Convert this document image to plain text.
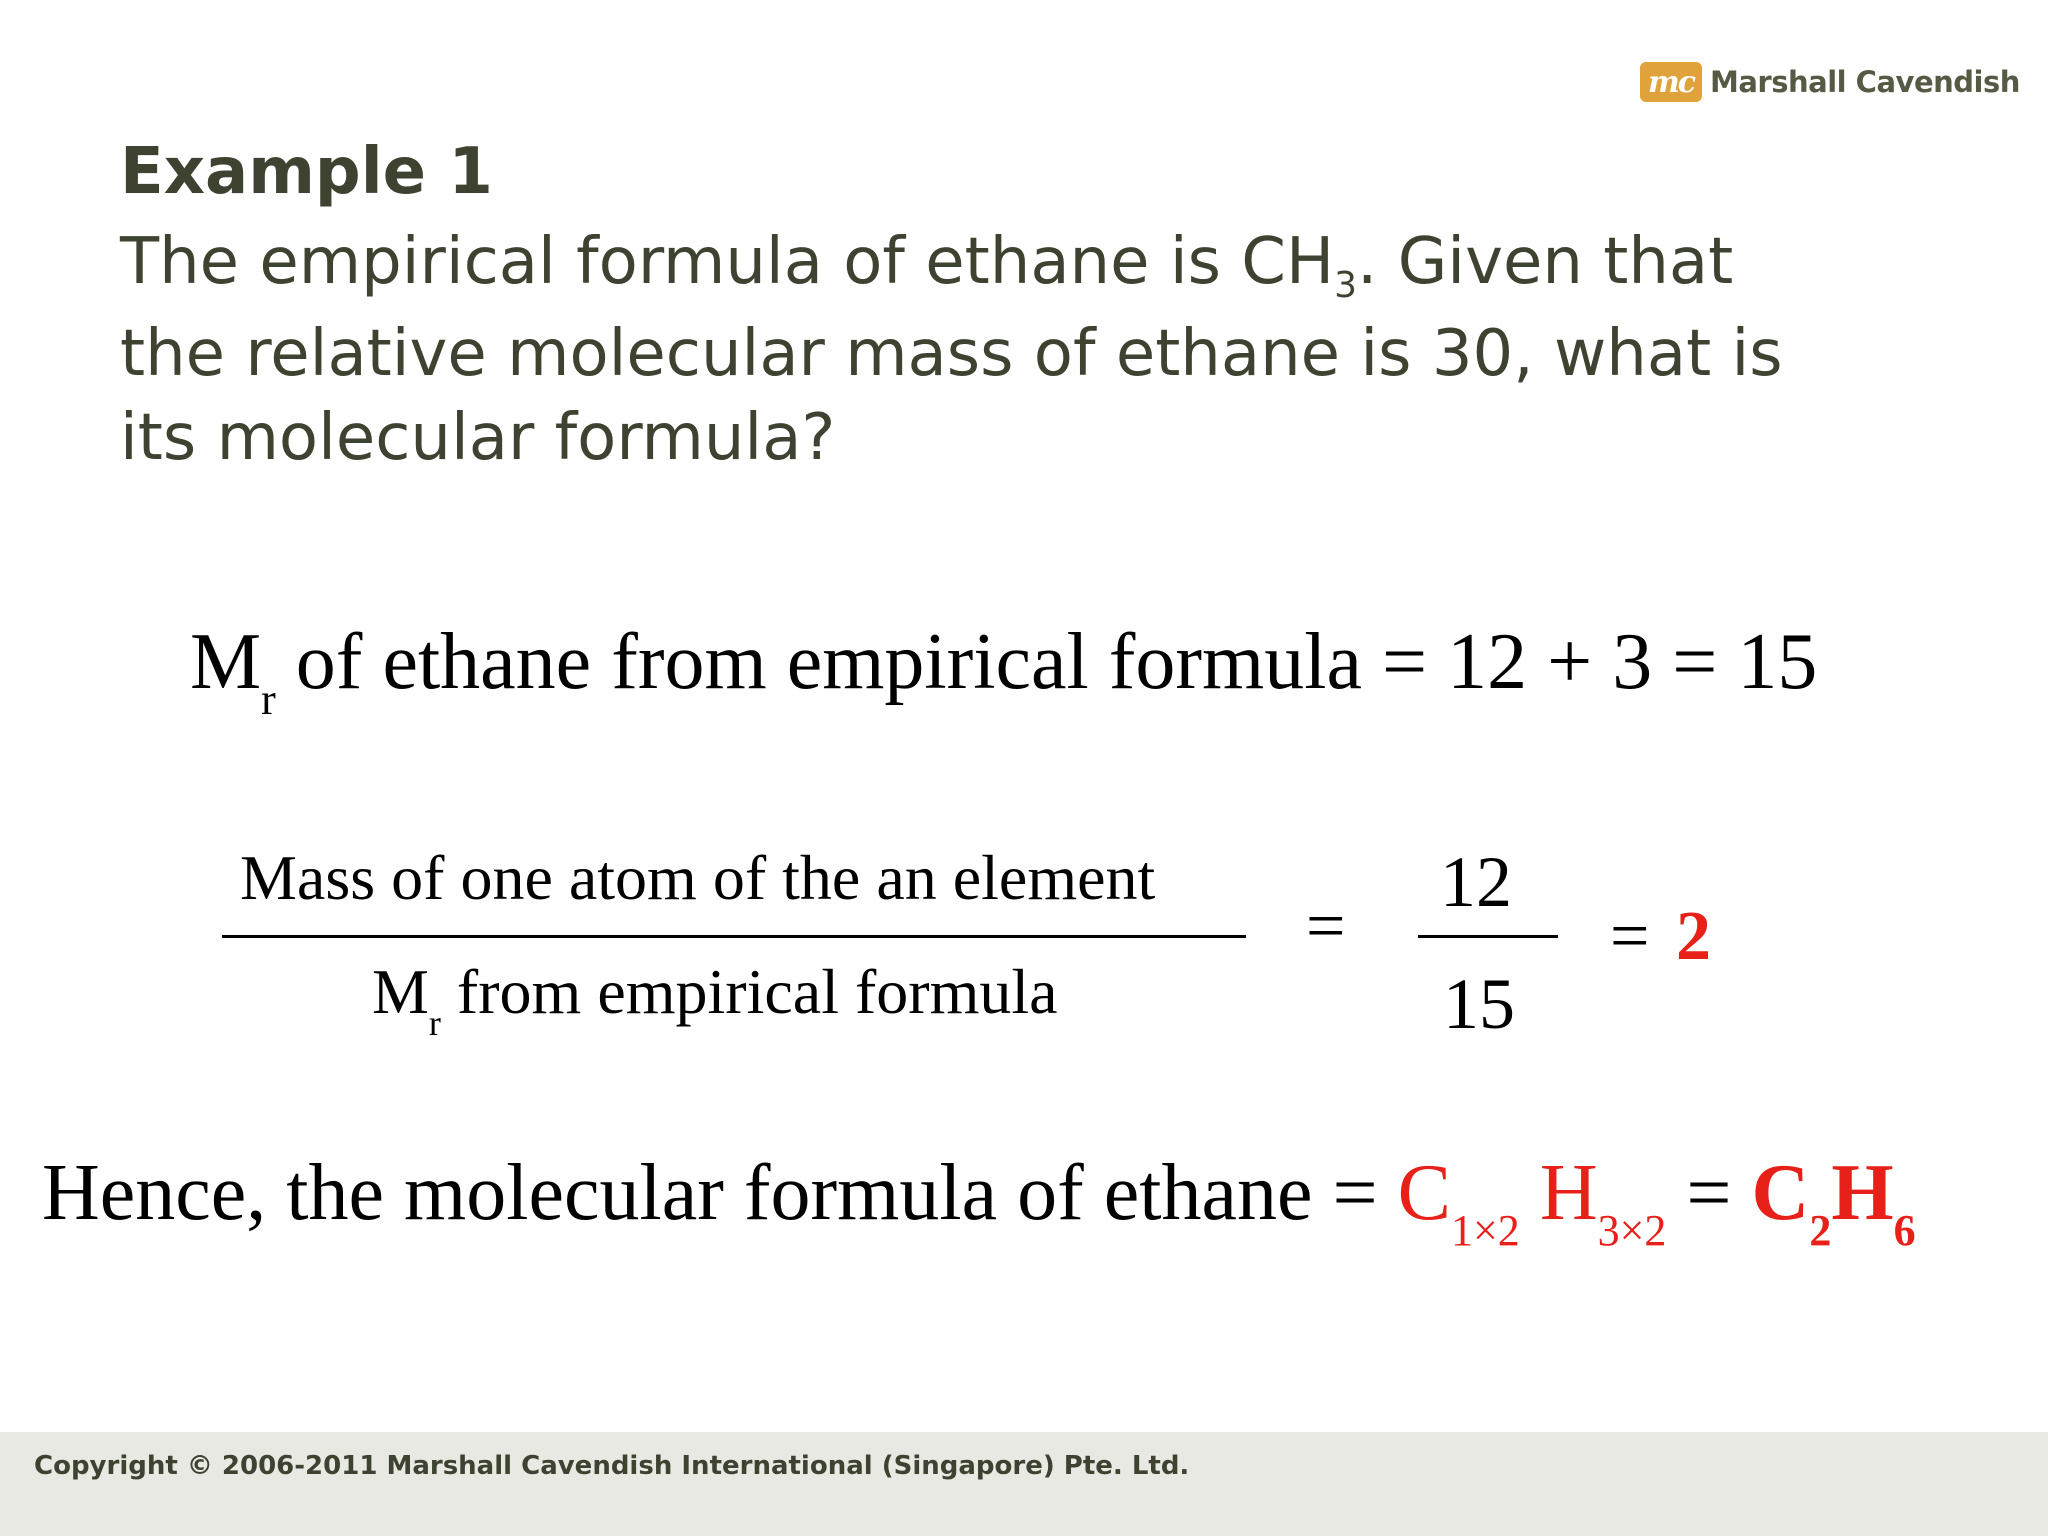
mc Marshall Cavendish
Example 1
The empirical formula of ethane is $CH_3$. Given that
the relative molecular mass of ethane is 30, what is
its molecular formula?
$M_r$ of ethane from empirical formula = 12 + 3 = 15
Mass of one atom of the an element
$M_r$ from empirical formula
=
12
15
= 2
Hence, the molecular formula of ethane = $C_{1\times 2}$ $H_{3\times 2} = C_2H_6$
Copyright © 2006-2011 Marshall Cavendish International (Singapore) Pte. Ltd.
